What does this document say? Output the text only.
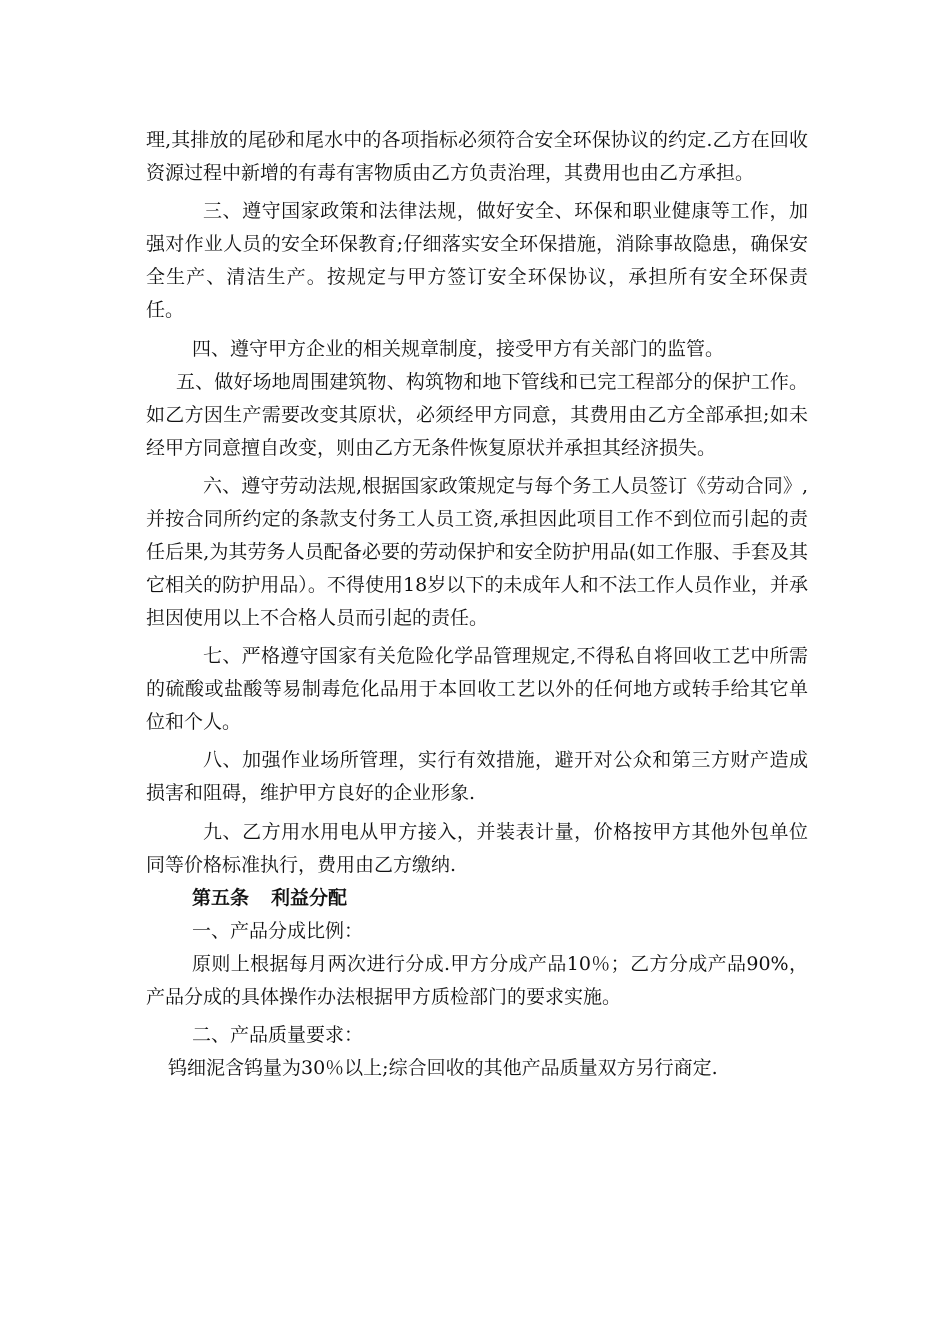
理,其排放的尾砂和尾水中的各项指标必须符合安全环保协议的约定.乙方在回收资源过程中新增的有毒有害物质由乙方负责治理，其费用也由乙方承担。

三、遵守国家政策和法律法规，做好安全、环保和职业健康等工作，加强对作业人员的安全环保教育;仔细落实安全环保措施，消除事故隐患，确保安全生产、清洁生产。按规定与甲方签订安全环保协议，承担所有安全环保责任。

四、遵守甲方企业的相关规章制度，接受甲方有关部门的监管。

五、做好场地周围建筑物、构筑物和地下管线和已完工程部分的保护工作。如乙方因生产需要改变其原状，必须经甲方同意，其费用由乙方全部承担;如未经甲方同意擅自改变，则由乙方无条件恢复原状并承担其经济损失。

六、遵守劳动法规,根据国家政策规定与每个务工人员签订《劳动合同》,并按合同所约定的条款支付务工人员工资,承担因此项目工作不到位而引起的责任后果,为其劳务人员配备必要的劳动保护和安全防护用品(如工作服、手套及其它相关的防护用品）。不得使用18岁以下的未成年人和不法工作人员作业，并承担因使用以上不合格人员而引起的责任。

七、严格遵守国家有关危险化学品管理规定,不得私自将回收工艺中所需的硫酸或盐酸等易制毒危化品用于本回收工艺以外的任何地方或转手给其它单位和个人。

八、加强作业场所管理，实行有效措施，避开对公众和第三方财产造成损害和阻碍，维护甲方良好的企业形象.

九、乙方用水用电从甲方接入，并装表计量，价格按甲方其他外包单位同等价格标准执行，费用由乙方缴纳.

第五条 利益分配

一、产品分成比例：

原则上根据每月两次进行分成.甲方分成产品10％；乙方分成产品90%，产品分成的具体操作办法根据甲方质检部门的要求实施。

二、产品质量要求：

钨细泥含钨量为30％以上;综合回收的其他产品质量双方另行商定.
